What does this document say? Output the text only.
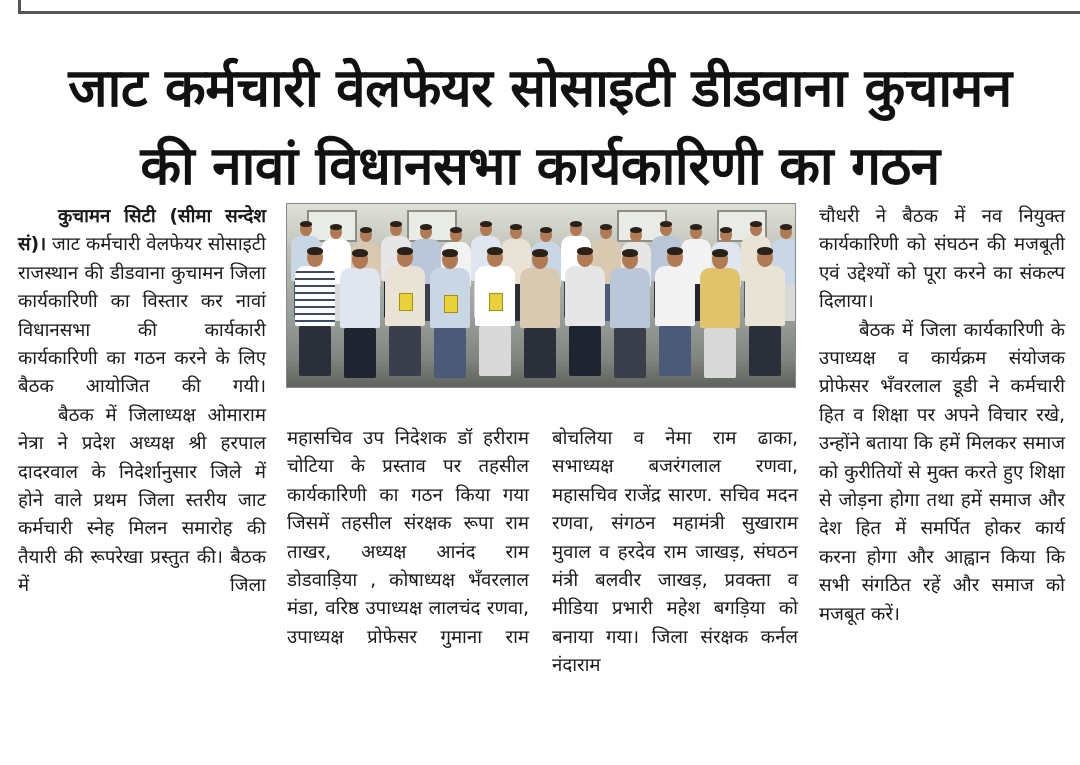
जाट कर्मचारी वेलफेयर सोसाइटी डीडवाना कुचामन
की नावां विधानसभा कार्यकारिणी का गठन

कुचामन सिटी (सीमा सन्देश सं)। जाट कर्मचारी वेलफेयर सोसाइटी राजस्थान की डीडवाना कुचामन जिला कार्यकारिणी का विस्तार कर नावां विधानसभा की कार्यकारी कार्यकारिणी का गठन करने के लिए बैठक आयोजित की गयी।

बैठक में जिलाध्यक्ष ओमाराम नेत्रा ने प्रदेश अध्यक्ष श्री हरपाल दादरवाल के निदेर्शानुसार जिले में होने वाले प्रथम जिला स्तरीय जाट कर्मचारी स्नेह मिलन समारोह की तैयारी की रूपरेखा प्रस्तुत की। बैठक में जिला

महासचिव उप निदेशक डॉ हरीराम चोटिया के प्रस्ताव पर तहसील कार्यकारिणी का गठन किया गया जिसमें तहसील संरक्षक रूपा राम ताखर, अध्यक्ष आनंद राम डोडवाड़िया , कोषाध्यक्ष भँवरलाल मंडा, वरिष्ठ उपाध्यक्ष लालचंद रणवा, उपाध्यक्ष प्रोफेसर गुमाना राम

बोचलिया व नेमा राम ढाका, सभाध्यक्ष बजरंगलाल रणवा, महासचिव राजेंद्र सारण. सचिव मदन रणवा, संगठन महामंत्री सुखाराम मुवाल व हरदेव राम जाखड़, संघठन मंत्री बलवीर जाखड़, प्रवक्ता व मीडिया प्रभारी महेश बगड़िया को बनाया गया। जिला संरक्षक कर्नल नंदाराम

चौधरी ने बैठक में नव नियुक्त कार्यकारिणी को संघठन की मजबूती एवं उद्देश्यों को पूरा करने का संकल्प दिलाया।

बैठक में जिला कार्यकारिणी के उपाध्यक्ष व कार्यक्रम संयोजक प्रोफेसर भँवरलाल डूडी ने कर्मचारी हित व शिक्षा पर अपने विचार रखे, उन्होंने बताया कि हमें मिलकर समाज को कुरीतियों से मुक्त करते हुए शिक्षा से जोड़ना होगा तथा हमें समाज और देश हित में समर्पित होकर कार्य करना होगा और आह्वान किया कि सभी संगठित रहें और समाज को मजबूत करें।
